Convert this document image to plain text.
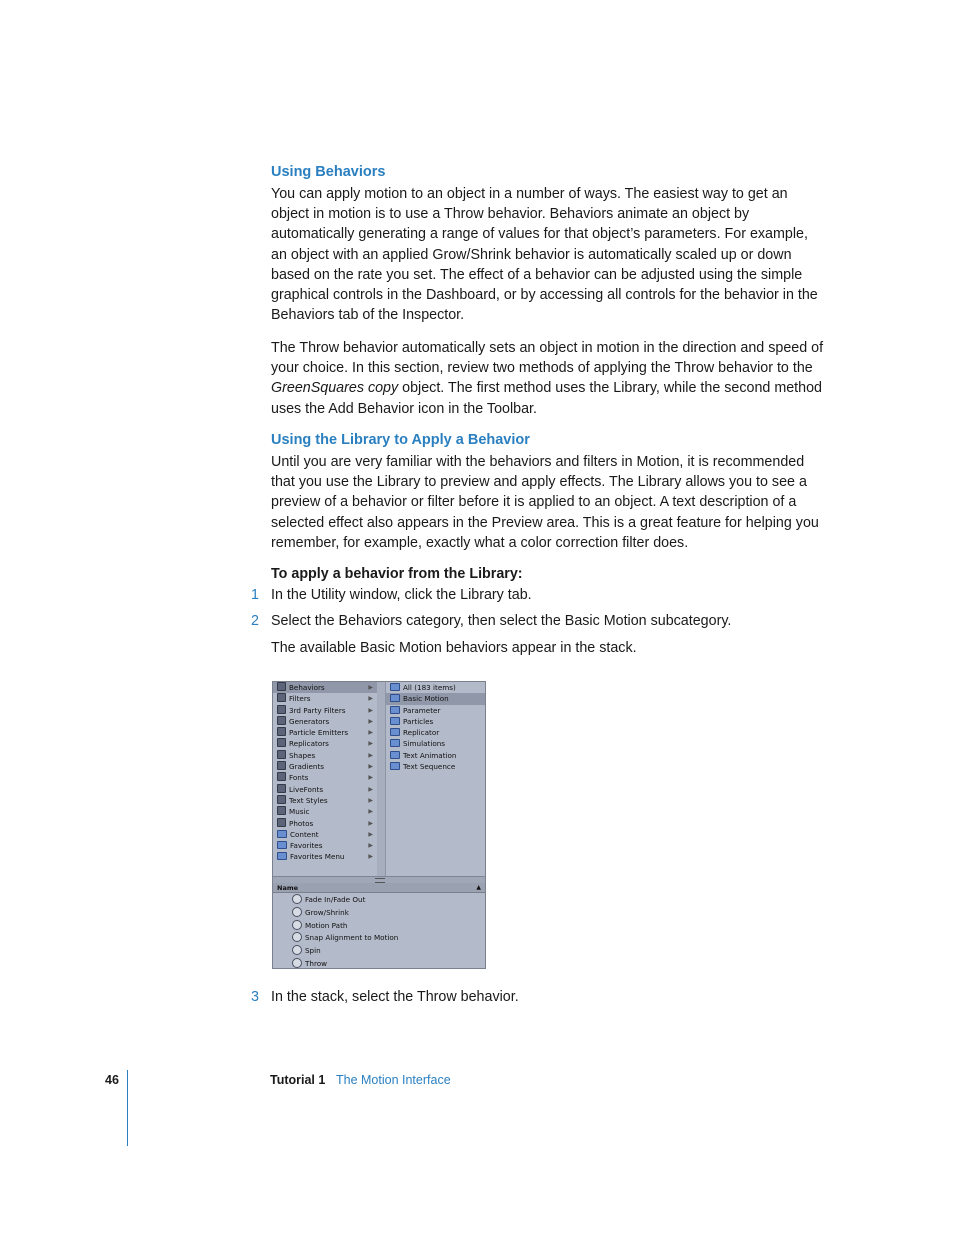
Using Behaviors

You can apply motion to an object in a number of ways. The easiest way to get an object in motion is to use a Throw behavior. Behaviors animate an object by automatically generating a range of values for that object’s parameters. For example, an object with an applied Grow/Shrink behavior is automatically scaled up or down based on the rate you set. The effect of a behavior can be adjusted using the simple graphical controls in the Dashboard, or by accessing all controls for the behavior in the Behaviors tab of the Inspector.

The Throw behavior automatically sets an object in motion in the direction and speed of your choice. In this section, review two methods of applying the Throw behavior to the GreenSquares copy object. The first method uses the Library, while the second method uses the Add Behavior icon in the Toolbar.

Using the Library to Apply a Behavior

Until you are very familiar with the behaviors and filters in Motion, it is recommended that you use the Library to preview and apply effects. The Library allows you to see a preview of a behavior or filter before it is applied to an object. A text description of a selected effect also appears in the Preview area. This is a great feature for helping you remember, for example, exactly what a color correction filter does.

To apply a behavior from the Library:
1 In the Utility window, click the Library tab.
2 Select the Behaviors category, then select the Basic Motion subcategory.
The available Basic Motion behaviors appear in the stack.
Behaviors	▶
Filters	▶
3rd Party Filters	▶
Generators	▶
Particle Emitters	▶
Replicators	▶
Shapes	▶
Gradients	▶
Fonts	▶
LiveFonts	▶
Text Styles	▶
Music	▶
Photos	▶
Content	▶
Favorites	▶
Favorites Menu	▶
All (183 items)
Basic Motion
Parameter
Particles
Replicator
Simulations
Text Animation
Text Sequence
Name	▲
Fade In/Fade Out
Grow/Shrink
Motion Path
Snap Alignment to Motion
Spin
Throw
3 In the stack, select the Throw behavior.
46	Tutorial 1 The Motion Interface
